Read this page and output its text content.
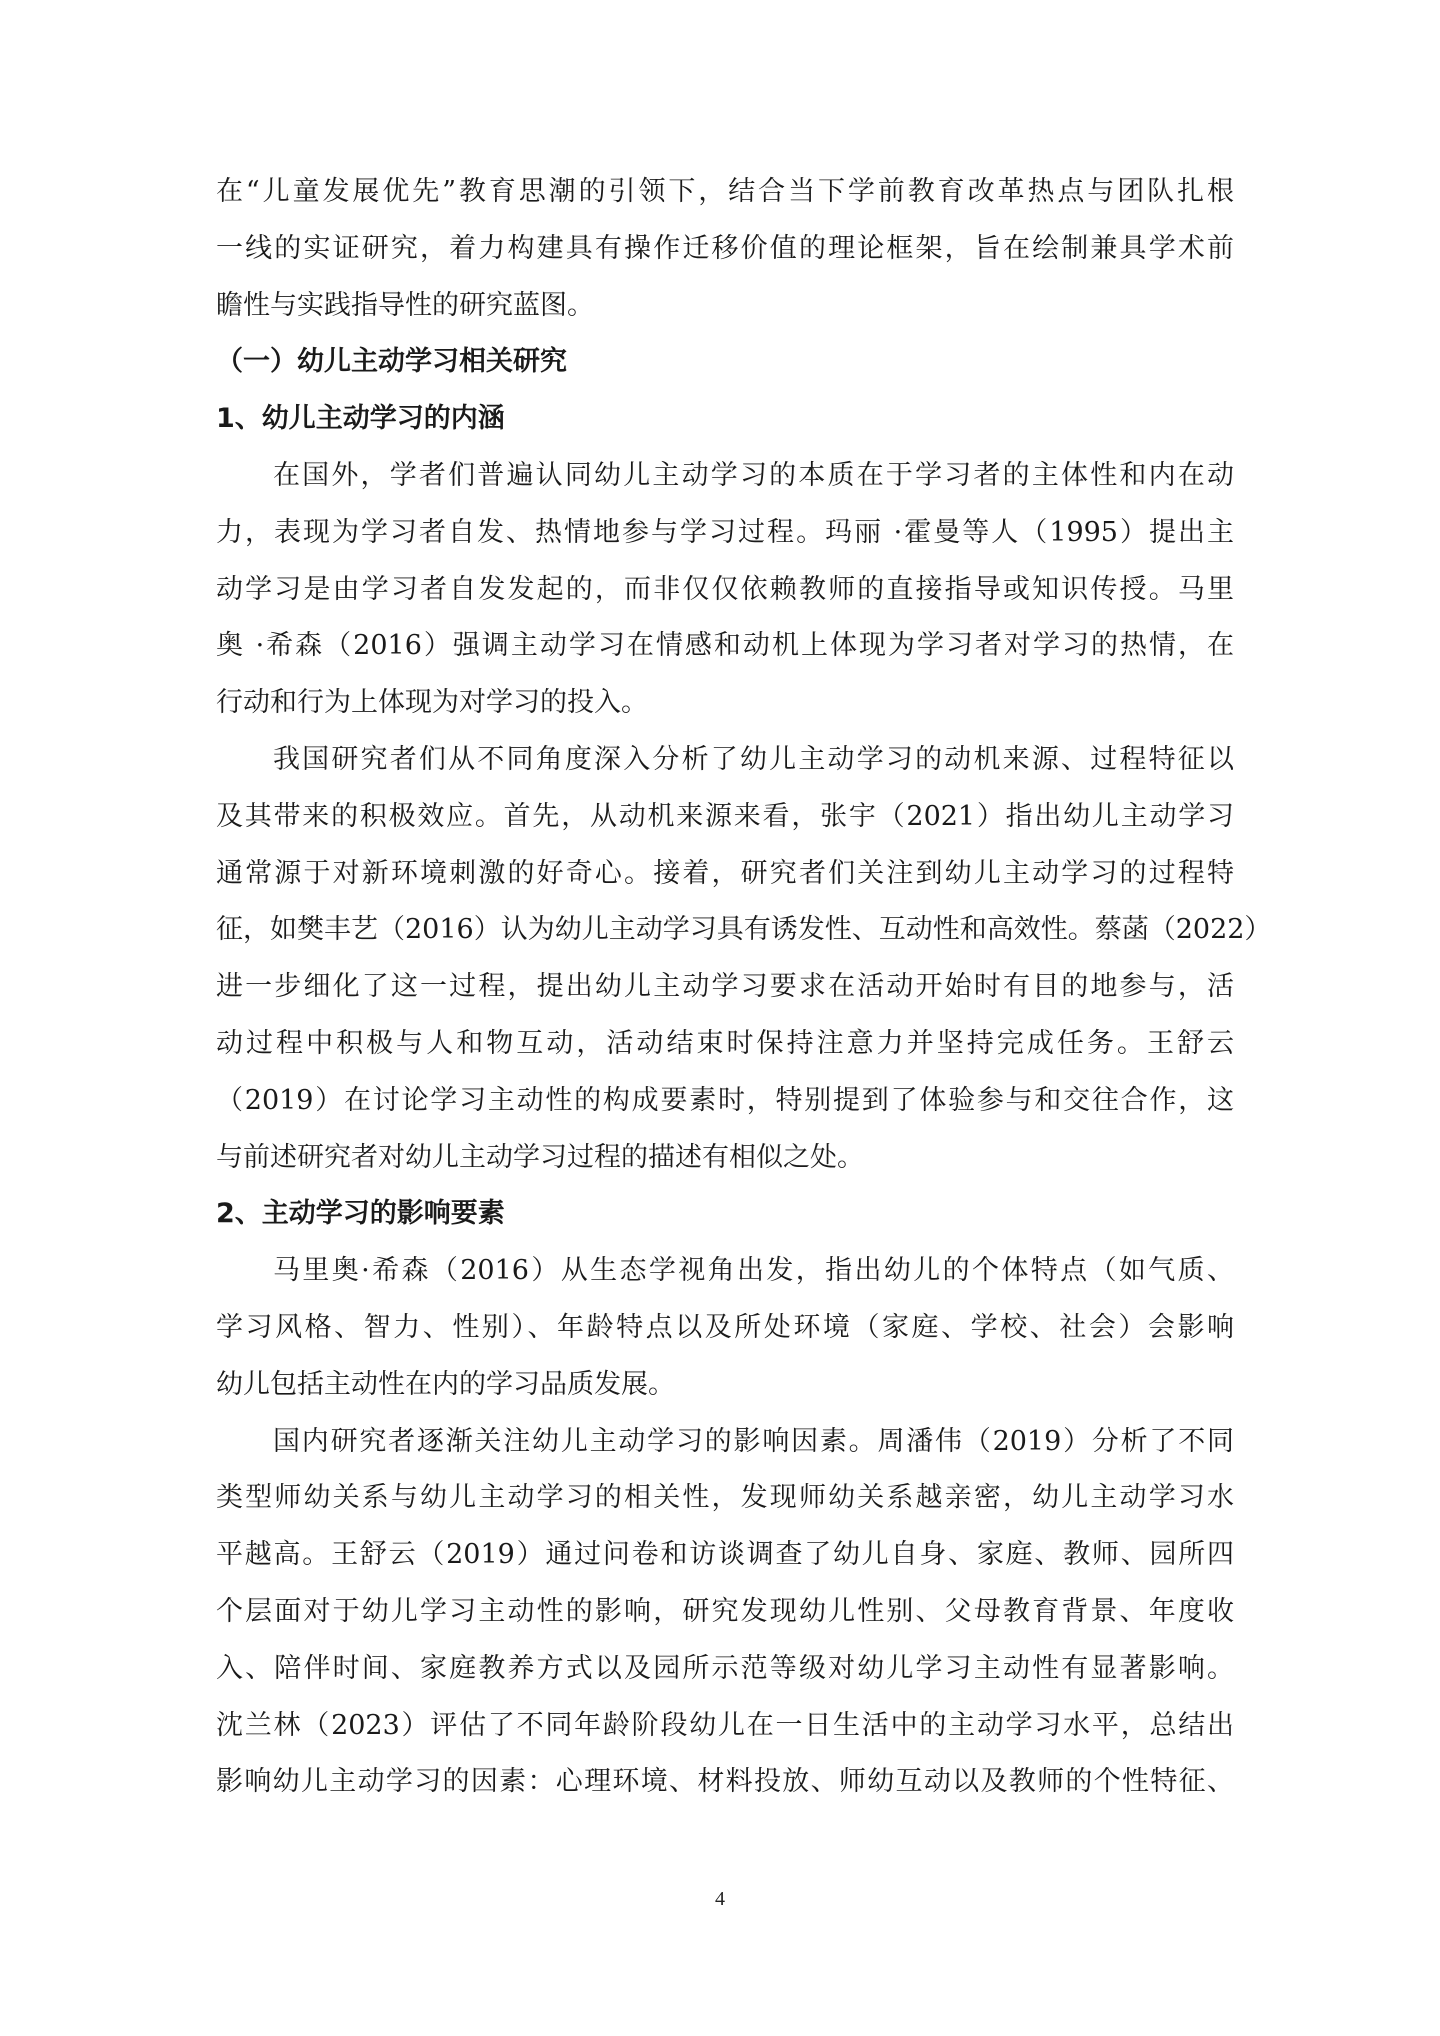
在“儿童发展优先”教育思潮的引领下，结合当下学前教育改革热点与团队扎根
一线的实证研究，着力构建具有操作迁移价值的理论框架，旨在绘制兼具学术前
瞻性与实践指导性的研究蓝图。
（一）幼儿主动学习相关研究
1、幼儿主动学习的内涵
在国外，学者们普遍认同幼儿主动学习的本质在于学习者的主体性和内在动
力，表现为学习者自发、热情地参与学习过程。玛丽 ·霍曼等人（1995）提出主
动学习是由学习者自发发起的，而非仅仅依赖教师的直接指导或知识传授。马里
奥 ·希森（2016）强调主动学习在情感和动机上体现为学习者对学习的热情，在
行动和行为上体现为对学习的投入。
我国研究者们从不同角度深入分析了幼儿主动学习的动机来源、过程特征以
及其带来的积极效应。首先，从动机来源来看，张宇（2021）指出幼儿主动学习
通常源于对新环境刺激的好奇心。接着，研究者们关注到幼儿主动学习的过程特
征，如樊丰艺（2016）认为幼儿主动学习具有诱发性、互动性和高效性。蔡菡（2022）
进一步细化了这一过程，提出幼儿主动学习要求在活动开始时有目的地参与，活
动过程中积极与人和物互动，活动结束时保持注意力并坚持完成任务。王舒云
（2019）在讨论学习主动性的构成要素时，特别提到了体验参与和交往合作，这
与前述研究者对幼儿主动学习过程的描述有相似之处。
2、主动学习的影响要素
马里奥·希森（2016）从生态学视角出发，指出幼儿的个体特点（如气质、
学习风格、智力、性别）、年龄特点以及所处环境（家庭、学校、社会）会影响
幼儿包括主动性在内的学习品质发展。
国内研究者逐渐关注幼儿主动学习的影响因素。周潘伟（2019）分析了不同
类型师幼关系与幼儿主动学习的相关性，发现师幼关系越亲密，幼儿主动学习水
平越高。王舒云（2019）通过问卷和访谈调查了幼儿自身、家庭、教师、园所四
个层面对于幼儿学习主动性的影响，研究发现幼儿性别、父母教育背景、年度收
入、陪伴时间、家庭教养方式以及园所示范等级对幼儿学习主动性有显著影响。
沈兰林（2023）评估了不同年龄阶段幼儿在一日生活中的主动学习水平，总结出
影响幼儿主动学习的因素：心理环境、材料投放、师幼互动以及教师的个性特征、
4
